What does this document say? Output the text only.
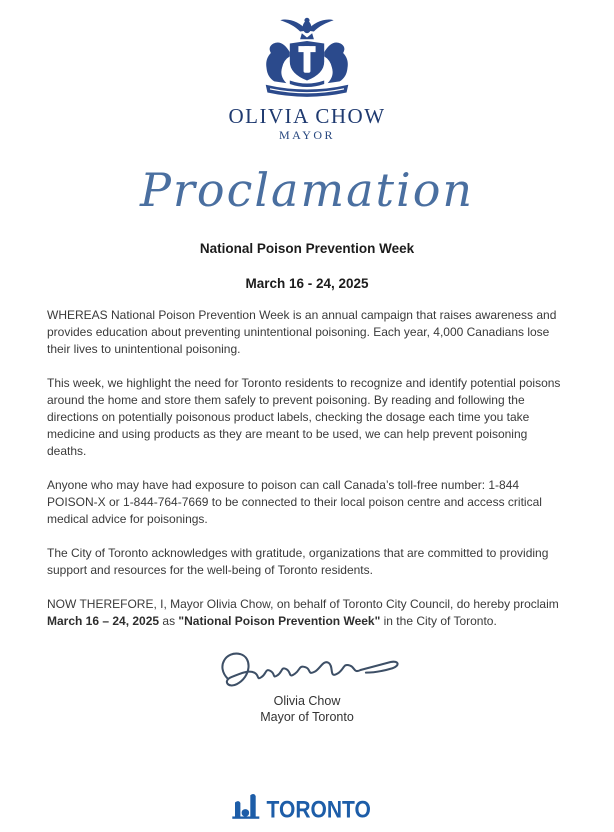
OLIVIA CHOW
MAYOR
Proclamation
National Poison Prevention Week
March 16 - 24, 2025

WHEREAS National Poison Prevention Week is an annual campaign that raises awareness and provides education about preventing unintentional poisoning. Each year, 4,000 Canadians lose their lives to unintentional poisoning.

This week, we highlight the need for Toronto residents to recognize and identify potential poisons around the home and store them safely to prevent poisoning. By reading and following the directions on potentially poisonous product labels, checking the dosage each time you take medicine and using products as they are meant to be used, we can help prevent poisoning deaths.

Anyone who may have had exposure to poison can call Canada’s toll-free number: 1-844 POISON-X or 1-844-764-7669 to be connected to their local poison centre and access critical medical advice for poisonings.

The City of Toronto acknowledges with gratitude, organizations that are committed to providing support and resources for the well-being of Toronto residents.

NOW THEREFORE, I, Mayor Olivia Chow, on behalf of Toronto City Council, do hereby proclaim March 16 – 24, 2025 as "National Poison Prevention Week" in the City of Toronto.

Olivia Chow
Mayor of Toronto
TORONTO
